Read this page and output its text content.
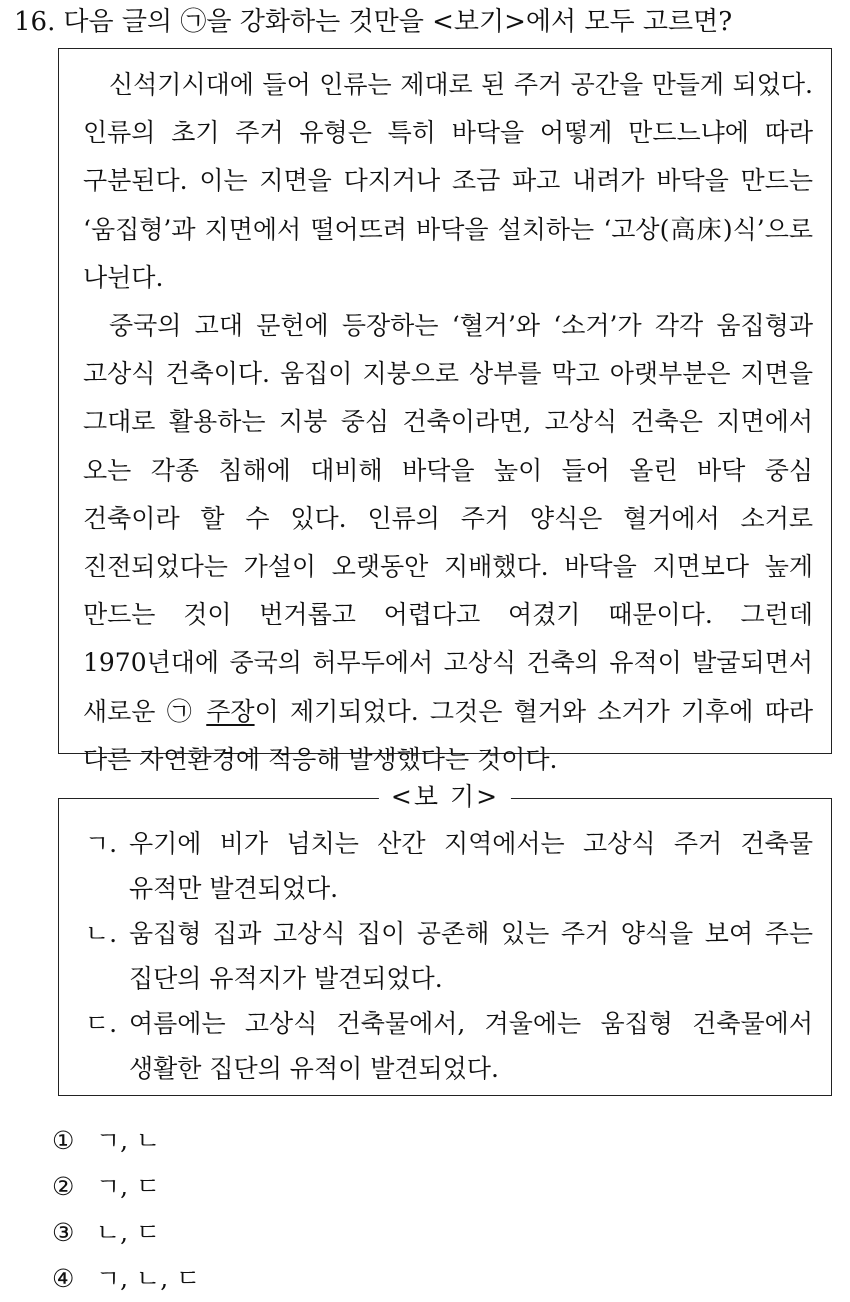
16. 다음 글의 ㉠을 강화하는 것만을 <보기>에서 모두 고르면?

신석기시대에 들어 인류는 제대로 된 주거 공간을 만들게 되었다. 인류의 초기 주거 유형은 특히 바닥을 어떻게 만드느냐에 따라 구분된다. 이는 지면을 다지거나 조금 파고 내려가 바닥을 만드는 ‘움집형’과 지면에서 떨어뜨려 바닥을 설치하는 ‘고상(高床)식’으로 나뉜다.

중국의 고대 문헌에 등장하는 ‘혈거’와 ‘소거’가 각각 움집형과 고상식 건축이다. 움집이 지붕으로 상부를 막고 아랫부분은 지면을 그대로 활용하는 지붕 중심 건축이라면, 고상식 건축은 지면에서 오는 각종 침해에 대비해 바닥을 높이 들어 올린 바닥 중심 건축이라 할 수 있다. 인류의 주거 양식은 혈거에서 소거로 진전되었다는 가설이 오랫동안 지배했다. 바닥을 지면보다 높게 만드는 것이 번거롭고 어렵다고 여겼기 때문이다. 그런데 1970년대에 중국의 허무두에서 고상식 건축의 유적이 발굴되면서 새로운 ㉠ 주장이 제기되었다. 그것은 혈거와 소거가 기후에 따라 다른 자연환경에 적응해 발생했다는 것이다.

<보 기>
ㄱ. 우기에 비가 넘치는 산간 지역에서는 고상식 주거 건축물 유적만 발견되었다.
ㄴ. 움집형 집과 고상식 집이 공존해 있는 주거 양식을 보여 주는 집단의 유적지가 발견되었다.
ㄷ. 여름에는 고상식 건축물에서, 겨울에는 움집형 건축물에서 생활한 집단의 유적이 발견되었다.
① ㄱ, ㄴ
② ㄱ, ㄷ
③ ㄴ, ㄷ
④ ㄱ, ㄴ, ㄷ
